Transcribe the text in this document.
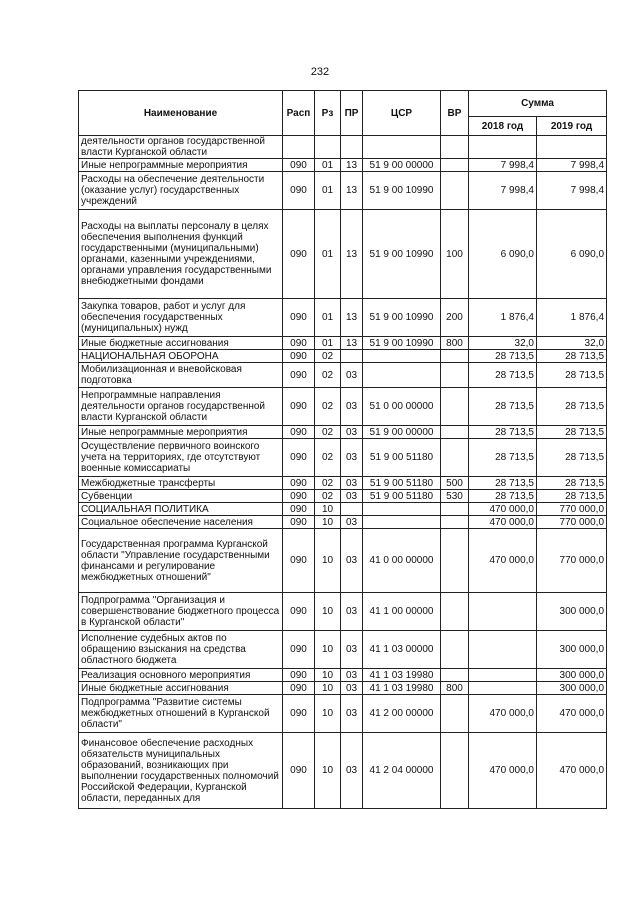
232
Наименование	Расп	Рз	ПР	ЦСР	ВР	Сумма	
						2018 год	2019 год
деятельности органов государственной власти Курганской области							
Иные непрограммные мероприятия	090	01	13	51 9 00 00000		7 998,4	7 998,4
Расходы на обеспечение деятельности (оказание услуг) государственных учреждений	090	01	13	51 9 00 10990		7 998,4	7 998,4
Расходы на выплаты персоналу в целях обеспечения выполнения функций государственными (муниципальными) органами, казенными учреждениями, органами управления государственными внебюджетными фондами	090	01	13	51 9 00 10990	100	6 090,0	6 090,0
Закупка товаров, работ и услуг для обеспечения государственных (муниципальных) нужд	090	01	13	51 9 00 10990	200	1 876,4	1 876,4
Иные бюджетные ассигнования	090	01	13	51 9 00 10990	800	32,0	32,0
НАЦИОНАЛЬНАЯ ОБОРОНА	090	02				28 713,5	28 713,5
Мобилизационная и вневойсковая подготовка	090	02	03			28 713,5	28 713,5
Непрограммные направления деятельности органов государственной власти Курганской области	090	02	03	51 0 00 00000		28 713,5	28 713,5
Иные непрограммные мероприятия	090	02	03	51 9 00 00000		28 713,5	28 713,5
Осуществление первичного воинского учета на территориях, где отсутствуют военные комиссариаты	090	02	03	51 9 00 51180		28 713,5	28 713,5
Межбюджетные трансферты	090	02	03	51 9 00 51180	500	28 713,5	28 713,5
Субвенции	090	02	03	51 9 00 51180	530	28 713,5	28 713,5
СОЦИАЛЬНАЯ ПОЛИТИКА	090	10				470 000,0	770 000,0
Социальное обеспечение населения	090	10	03			470 000,0	770 000,0
Государственная программа Курганской области "Управление государственными финансами и регулирование межбюджетных отношений"	090	10	03	41 0 00 00000		470 000,0	770 000,0
Подпрограмма "Организация и совершенствование бюджетного процесса в Курганской области"	090	10	03	41 1 00 00000			300 000,0
Исполнение судебных актов по обращению взыскания на средства областного бюджета	090	10	03	41 1 03 00000			300 000,0
Реализация основного мероприятия	090	10	03	41 1 03 19980			300 000,0
Иные бюджетные ассигнования	090	10	03	41 1 03 19980	800		300 000,0
Подпрограмма "Развитие системы межбюджетных отношений в Курганской области"	090	10	03	41 2 00 00000		470 000,0	470 000,0
Финансовое обеспечение расходных обязательств муниципальных образований, возникающих при выполнении государственных полномочий Российской Федерации, Курганской области, переданных для	090	10	03	41 2 04 00000		470 000,0	470 000,0
